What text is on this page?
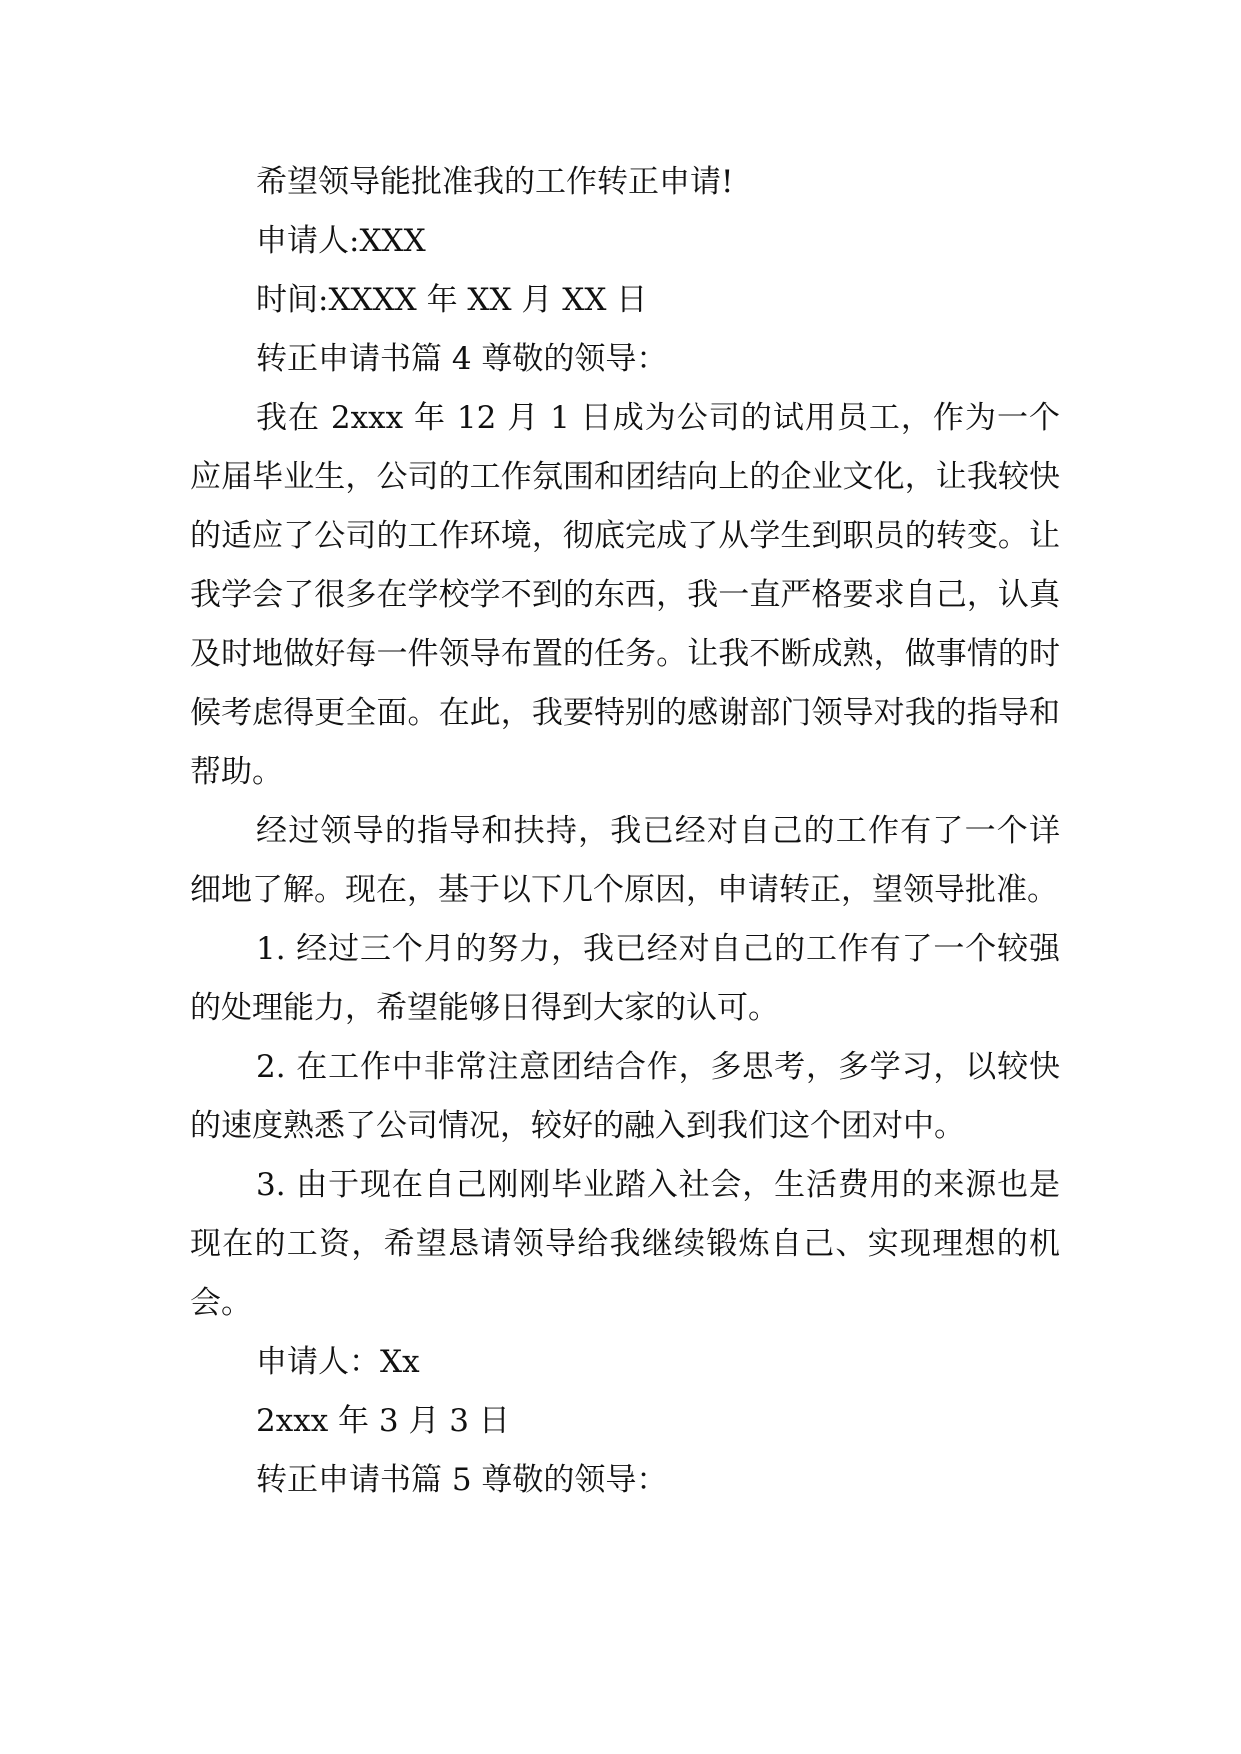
希望领导能批准我的工作转正申请!

申请人:XXX

时间:XXXX 年 XX 月 XX 日

转正申请书篇 4 尊敬的领导：

我在 2xxx 年 12 月 1 日成为公司的试用员工，作为一个应届毕业生，公司的工作氛围和团结向上的企业文化，让我较快的适应了公司的工作环境，彻底完成了从学生到职员的转变。让我学会了很多在学校学不到的东西，我一直严格要求自己，认真及时地做好每一件领导布置的任务。让我不断成熟，做事情的时候考虑得更全面。在此，我要特别的感谢部门领导对我的指导和帮助。

经过领导的指导和扶持，我已经对自己的工作有了一个详细地了解。现在，基于以下几个原因，申请转正，望领导批准。

1. 经过三个月的努力，我已经对自己的工作有了一个较强的处理能力，希望能够日得到大家的认可。

2. 在工作中非常注意团结合作，多思考，多学习，以较快的速度熟悉了公司情况，较好的融入到我们这个团对中。

3. 由于现在自己刚刚毕业踏入社会，生活费用的来源也是现在的工资，希望恳请领导给我继续锻炼自己、实现理想的机会。

申请人：Xx

2xxx 年 3 月 3 日

转正申请书篇 5 尊敬的领导：
